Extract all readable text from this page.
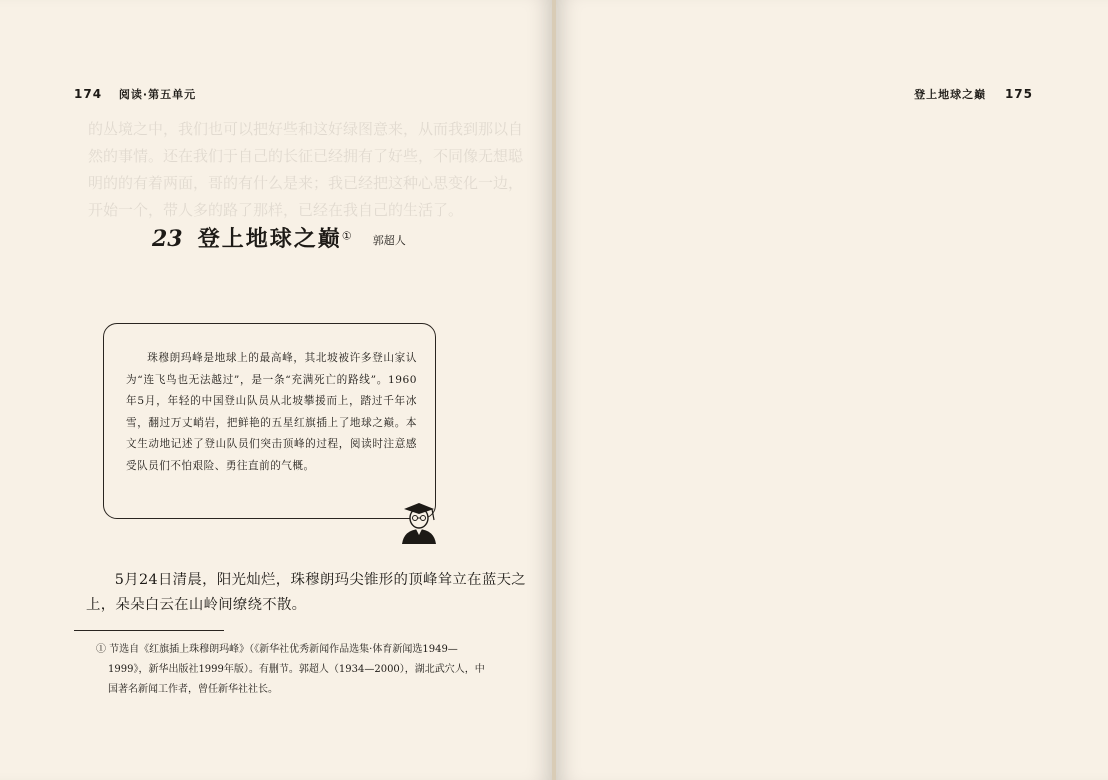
的丛境之中，我们也可以把好些和这好绿图意来，从而我到那以自然的事情。还在我们于自己的长征已经拥有了好些，不同像无想聪明的的有着两面，哥的有什么是来；我已经把这种心思变化一边，开始一个，带人多的路了那样，已经在我自己的生活了。
174 阅读·第五单元
23 登上地球之巅① 郭超人
珠穆朗玛峰是地球上的最高峰，其北坡被许多登山家认为“连飞鸟也无法越过”，是一条“充满死亡的路线”。1960年5月，年轻的中国登山队员从北坡攀援而上，踏过千年冰雪，翻过万丈峭岩，把鲜艳的五星红旗插上了地球之巅。本文生动地记述了登山队员们突击顶峰的过程，阅读时注意感受队员们不怕艰险、勇往直前的气概。
5月24日清晨，阳光灿烂，珠穆朗玛尖锥形的顶峰耸立在蓝天之上，朵朵白云在山岭间缭绕不散。
① 节选自《红旗插上珠穆朗玛峰》（《新华社优秀新闻作品选集·体育新闻选1949—1999》，新华出版社1999年版）。有删节。郭超人（1934—2000），湖北武穴人，中国著名新闻工作者，曾任新华社社长。
登上地球之巅 175
